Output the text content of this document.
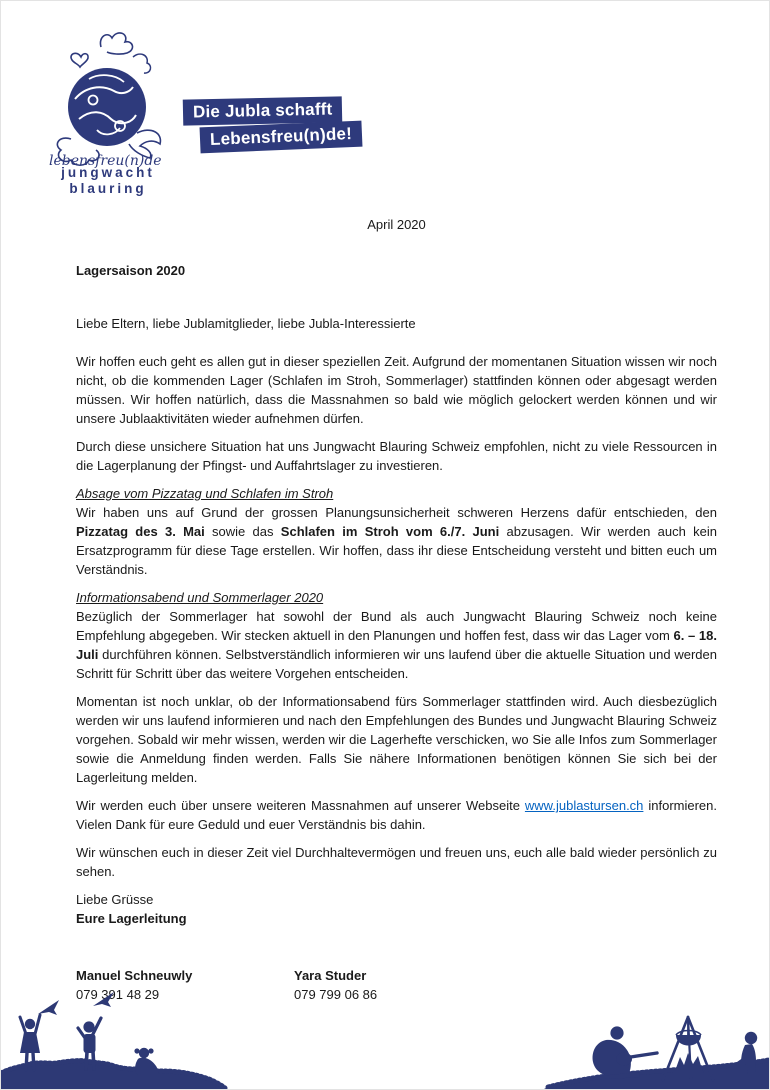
lebensfreu(n)de
jungwacht
blauring
Die Jubla schafft
Lebensfreu(n)de!
April 2020
Lagersaison 2020
Liebe Eltern, liebe Jublamitglieder, liebe Jubla-Interessierte

Wir hoffen euch geht es allen gut in dieser speziellen Zeit. Aufgrund der momentanen Situation wissen wir noch nicht, ob die kommenden Lager (Schlafen im Stroh, Sommerlager) stattfinden können oder abgesagt werden müssen. Wir hoffen natürlich, dass die Massnahmen so bald wie möglich gelockert werden können und wir unsere Jublaaktivitäten wieder aufnehmen dürfen.

Durch diese unsichere Situation hat uns Jungwacht Blauring Schweiz empfohlen, nicht zu viele Ressourcen in die Lagerplanung der Pfingst- und Auffahrtslager zu investieren.

Absage vom Pizzatag und Schlafen im Stroh

Wir haben uns auf Grund der grossen Planungsunsicherheit schweren Herzens dafür entschieden, den Pizzatag des 3. Mai sowie das Schlafen im Stroh vom 6./7. Juni abzusagen. Wir werden auch kein Ersatzprogramm für diese Tage erstellen. Wir hoffen, dass ihr diese Entscheidung versteht und bitten euch um Verständnis.

Informationsabend und Sommerlager 2020

Bezüglich der Sommerlager hat sowohl der Bund als auch Jungwacht Blauring Schweiz noch keine Empfehlung abgegeben. Wir stecken aktuell in den Planungen und hoffen fest, dass wir das Lager vom 6. – 18. Juli durchführen können. Selbstverständlich informieren wir uns laufend über die aktuelle Situation und werden Schritt für Schritt über das weitere Vorgehen entscheiden.

Momentan ist noch unklar, ob der Informationsabend fürs Sommerlager stattfinden wird. Auch diesbezüglich werden wir uns laufend informieren und nach den Empfehlungen des Bundes und Jungwacht Blauring Schweiz vorgehen. Sobald wir mehr wissen, werden wir die Lagerhefte verschicken, wo Sie alle Infos zum Sommerlager sowie die Anmeldung finden werden. Falls Sie nähere Informationen benötigen können Sie sich bei der Lagerleitung melden.

Wir werden euch über unsere weiteren Massnahmen auf unserer Webseite www.jublastursen.ch informieren. Vielen Dank für eure Geduld und euer Verständnis bis dahin.

Wir wünschen euch in dieser Zeit viel Durchhaltevermögen und freuen uns, euch alle bald wieder persönlich zu sehen.

Liebe Grüsse
Eure Lagerleitung
Manuel Schneuwly
079 391 48 29
Yara Studer
079 799 06 86
